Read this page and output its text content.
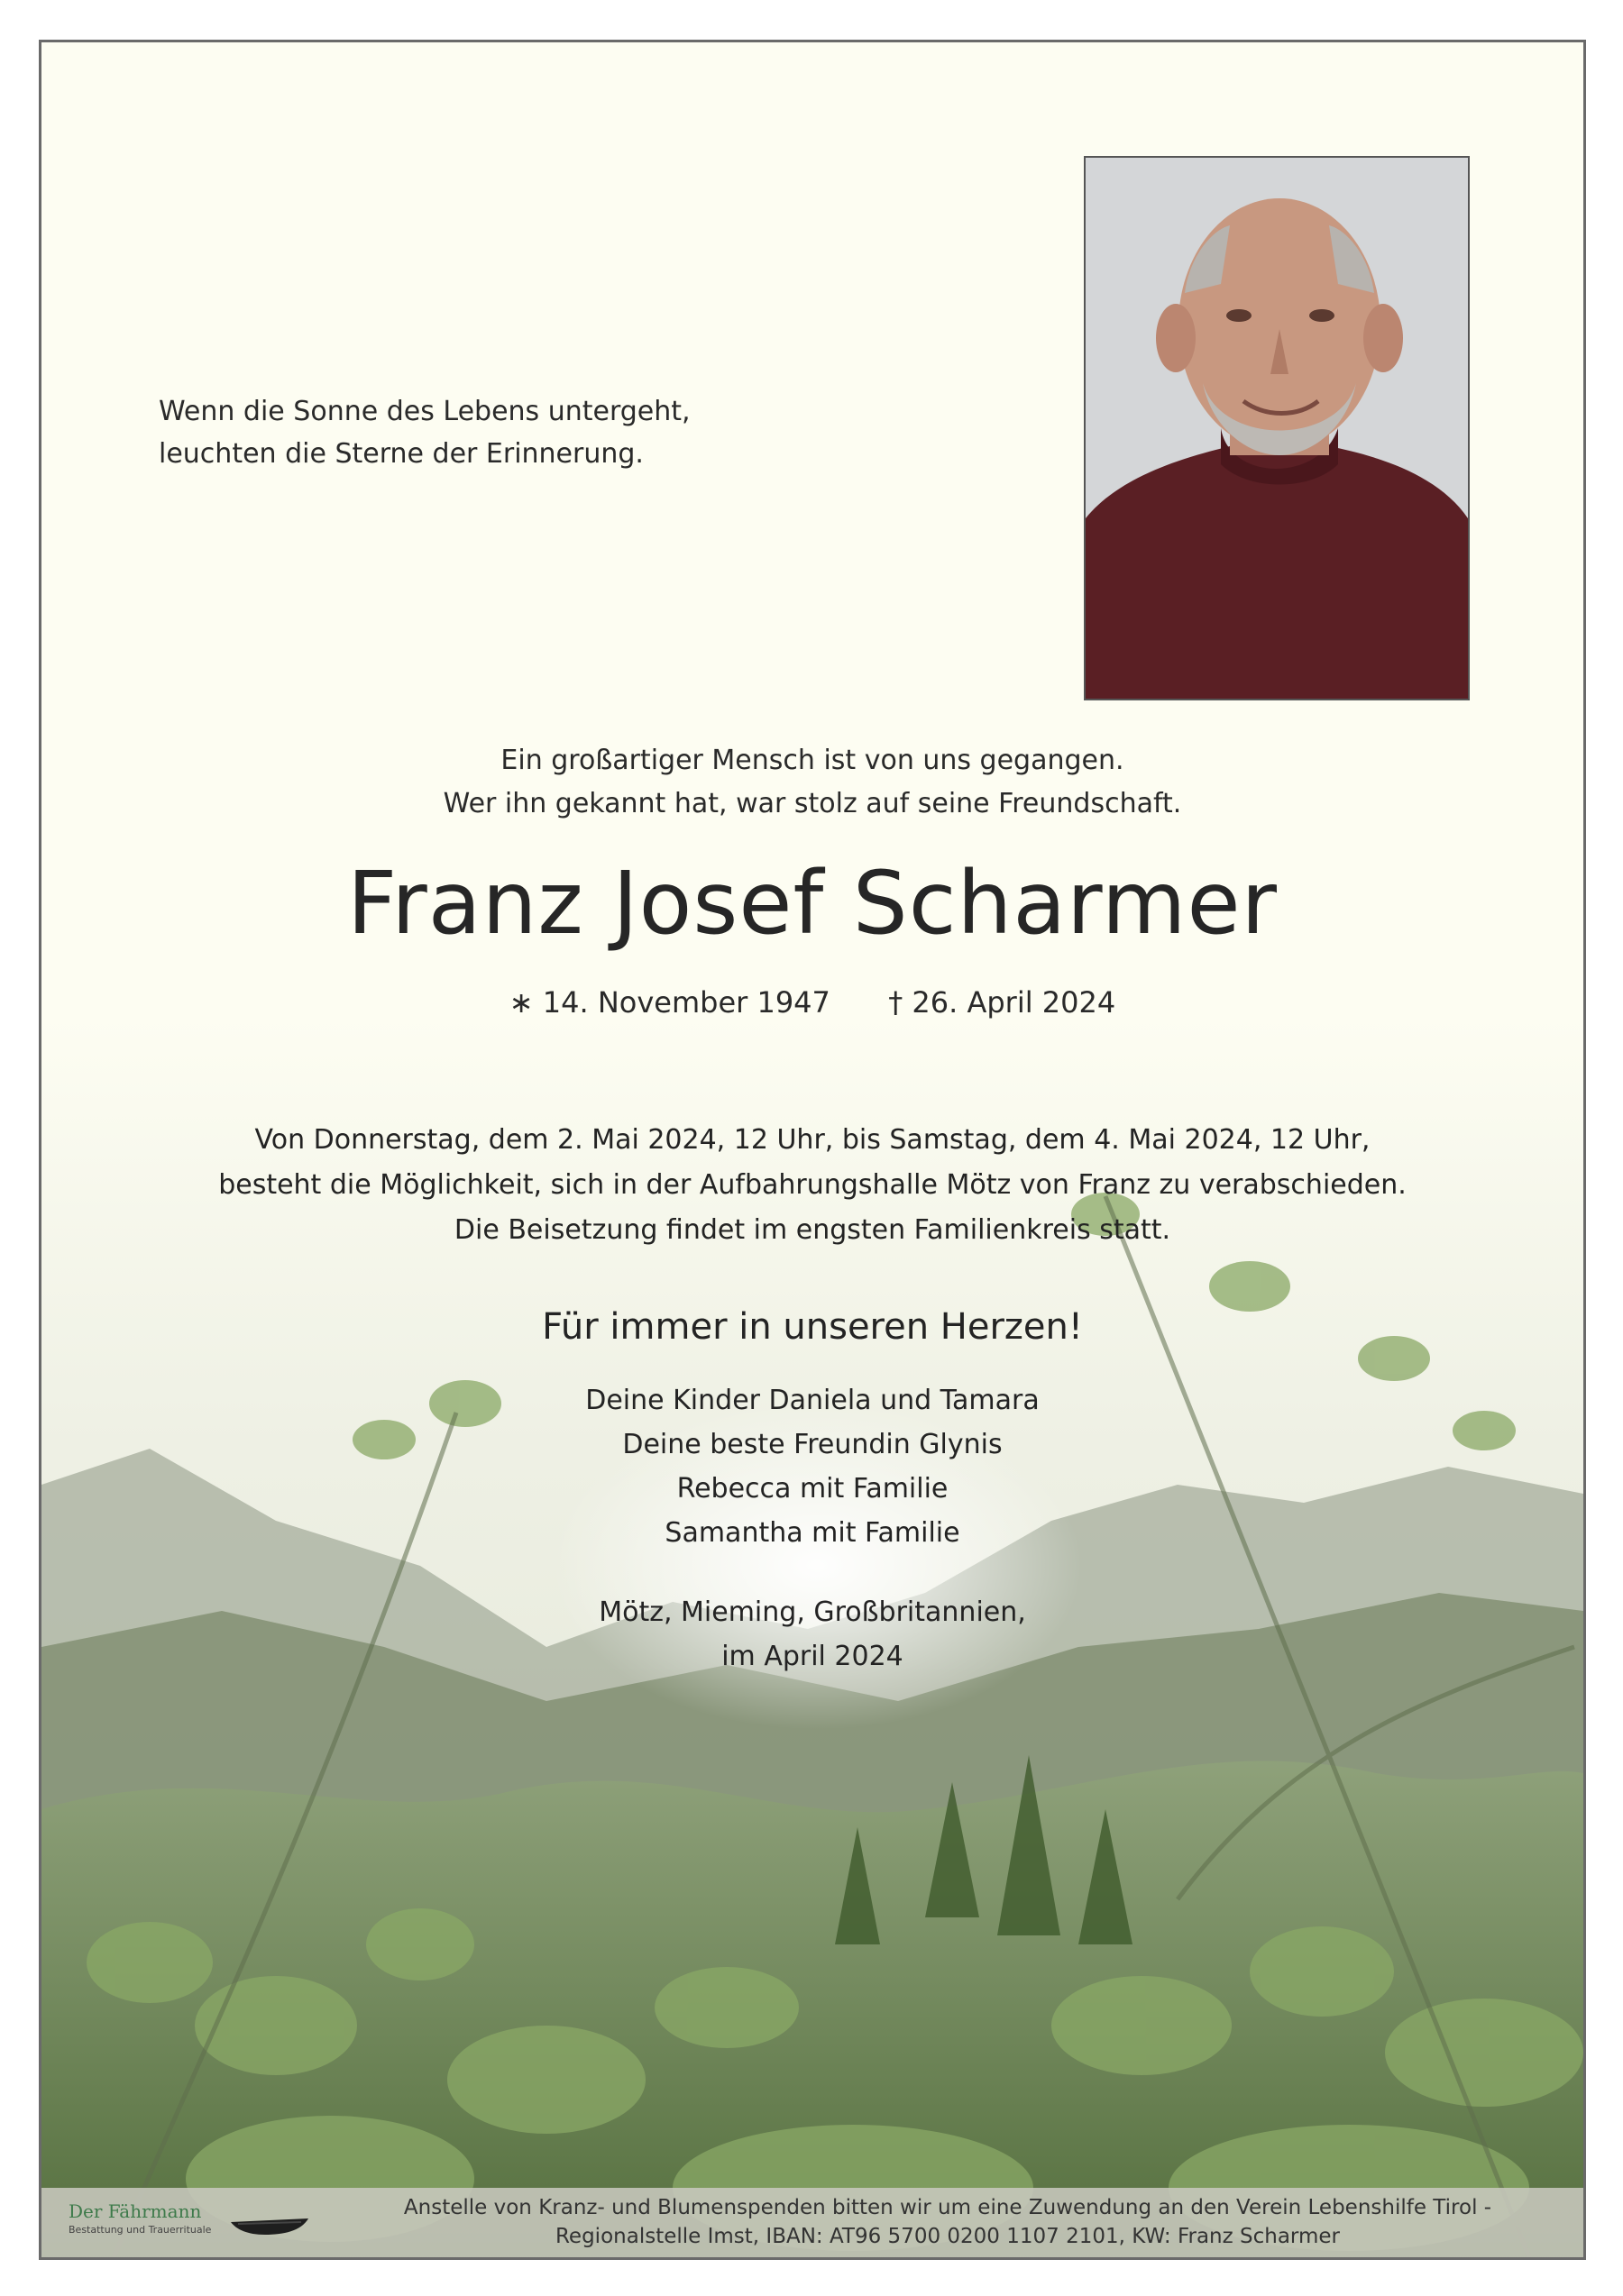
Wenn die Sonne des Lebens untergeht,
leuchten die Sterne der Erinnerung.
Ein großartiger Mensch ist von uns gegangen.
Wer ihn gekannt hat, war stolz auf seine Freundschaft.
Franz Josef Scharmer
∗ 14. November 1947 † 26. April 2024
Von Donnerstag, dem 2. Mai 2024, 12 Uhr, bis Samstag, dem 4. Mai 2024, 12 Uhr,
besteht die Möglichkeit, sich in der Aufbahrungshalle Mötz von Franz zu verabschieden.
Die Beisetzung findet im engsten Familienkreis statt.
Für immer in unseren Herzen!
Deine Kinder Daniela und Tamara
Deine beste Freundin Glynis
Rebecca mit Familie
Samantha mit Familie
Mötz, Mieming, Großbritannien,
im April 2024
Der Fährmann
Bestattung und Trauerrituale
Anstelle von Kranz- und Blumenspenden bitten wir um eine Zuwendung an den Verein Lebenshilfe Tirol -
Regionalstelle Imst, IBAN: AT96 5700 0200 1107 2101, KW: Franz Scharmer
